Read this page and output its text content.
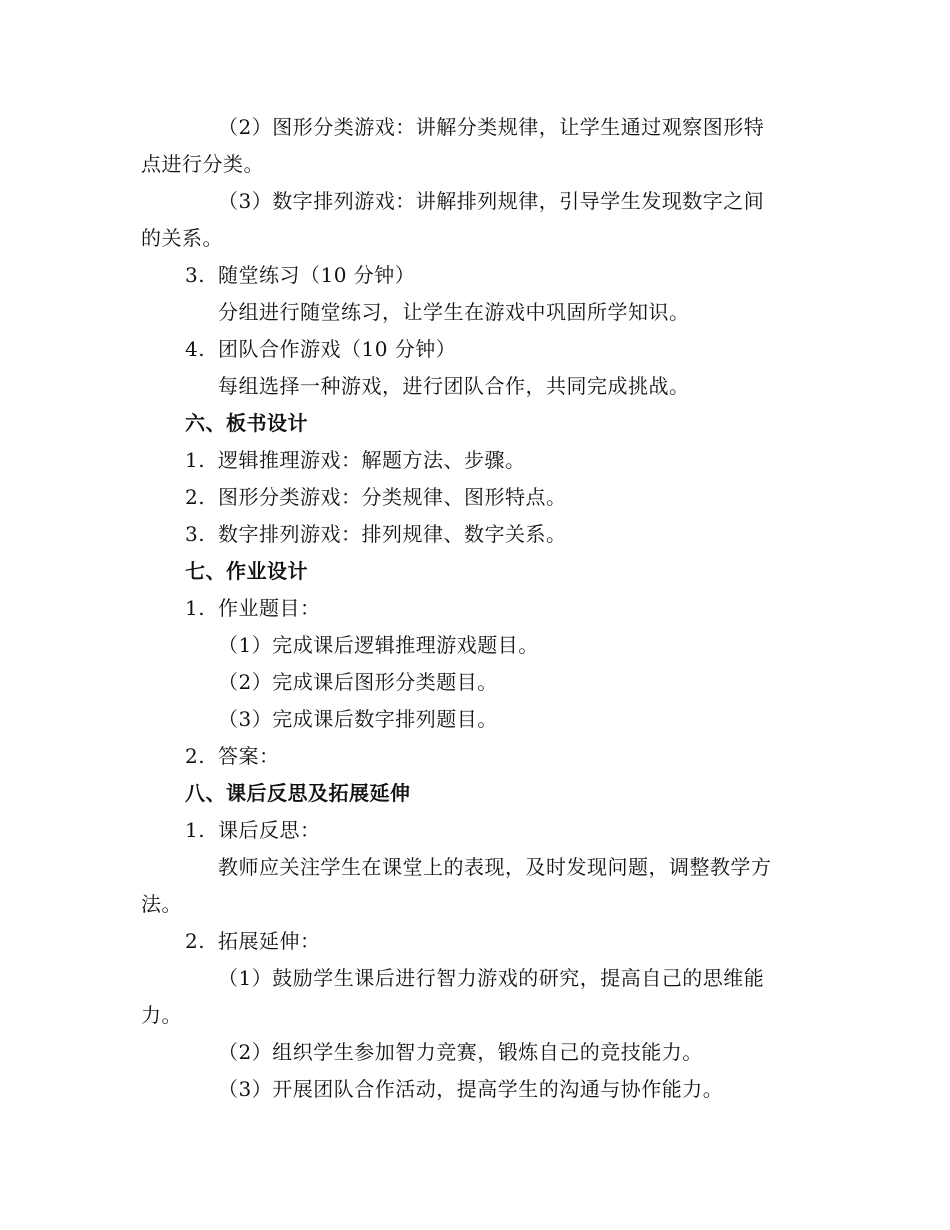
（2）图形分类游戏：讲解分类规律，让学生通过观察图形特
点进行分类。
（3）数字排列游戏：讲解排列规律，引导学生发现数字之间
的关系。
3. 随堂练习（10 分钟）
分组进行随堂练习，让学生在游戏中巩固所学知识。
4. 团队合作游戏（10 分钟）
每组选择一种游戏，进行团队合作，共同完成挑战。
六、板书设计
1. 逻辑推理游戏：解题方法、步骤。
2. 图形分类游戏：分类规律、图形特点。
3. 数字排列游戏：排列规律、数字关系。
七、作业设计
1. 作业题目：
（1）完成课后逻辑推理游戏题目。
（2）完成课后图形分类题目。
（3）完成课后数字排列题目。
2. 答案：
八、课后反思及拓展延伸
1. 课后反思：
教师应关注学生在课堂上的表现，及时发现问题，调整教学方
法。
2. 拓展延伸：
（1）鼓励学生课后进行智力游戏的研究，提高自己的思维能
力。
（2）组织学生参加智力竞赛，锻炼自己的竞技能力。
（3）开展团队合作活动，提高学生的沟通与协作能力。
